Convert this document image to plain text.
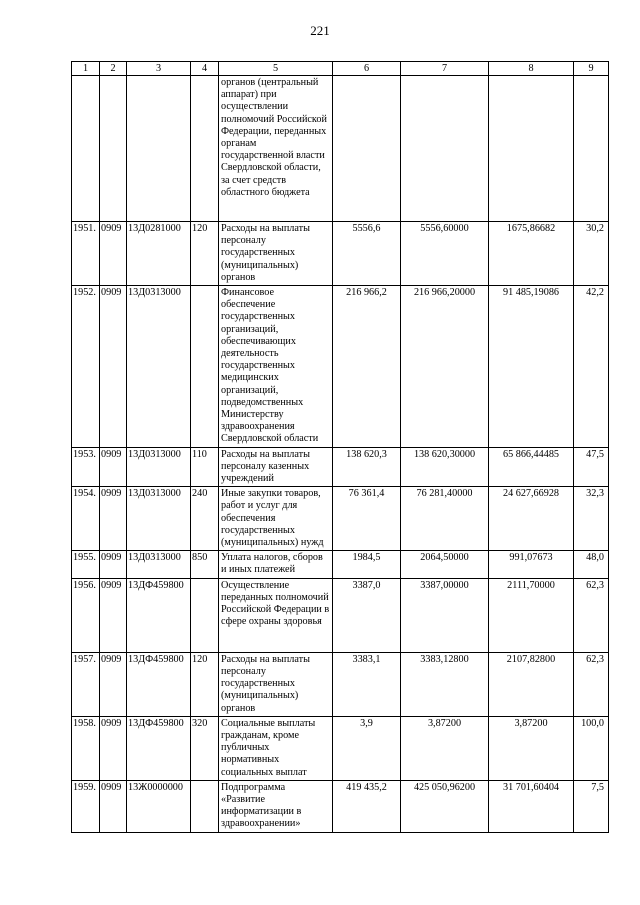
221
1	2	3	4	5	6	7	8	9
				органов (центральный аппарат) при осуществлении полномочий Российской Федерации, переданных органам государственной власти Свердловской области, за счет средств областного бюджета				
1951.	0909	13Д0281000	120	Расходы на выплаты персоналу государственных (муниципальных) органов	5556,6	5556,60000	1675,86682	30,2
1952.	0909	13Д0313000		Финансовое обеспечение государственных организаций, обеспечивающих деятельность государственных медицинских организаций, подведомственных Министерству здравоохранения Свердловской области	216 966,2	216 966,20000	91 485,19086	42,2
1953.	0909	13Д0313000	110	Расходы на выплаты персоналу казенных учреждений	138 620,3	138 620,30000	65 866,44485	47,5
1954.	0909	13Д0313000	240	Иные закупки товаров, работ и услуг для обеспечения государственных (муниципальных) нужд	76 361,4	76 281,40000	24 627,66928	32,3
1955.	0909	13Д0313000	850	Уплата налогов, сборов и иных платежей	1984,5	2064,50000	991,07673	48,0
1956.	0909	13ДФ459800		Осуществление переданных полномочий Российской Федерации в сфере охраны здоровья	3387,0	3387,00000	2111,70000	62,3
1957.	0909	13ДФ459800	120	Расходы на выплаты персоналу государственных (муниципальных) органов	3383,1	3383,12800	2107,82800	62,3
1958.	0909	13ДФ459800	320	Социальные выплаты гражданам, кроме публичных нормативных социальных выплат	3,9	3,87200	3,87200	100,0
1959.	0909	13Ж0000000		Подпрограмма «Развитие информатизации в здравоохранении»	419 435,2	425 050,96200	31 701,60404	7,5
